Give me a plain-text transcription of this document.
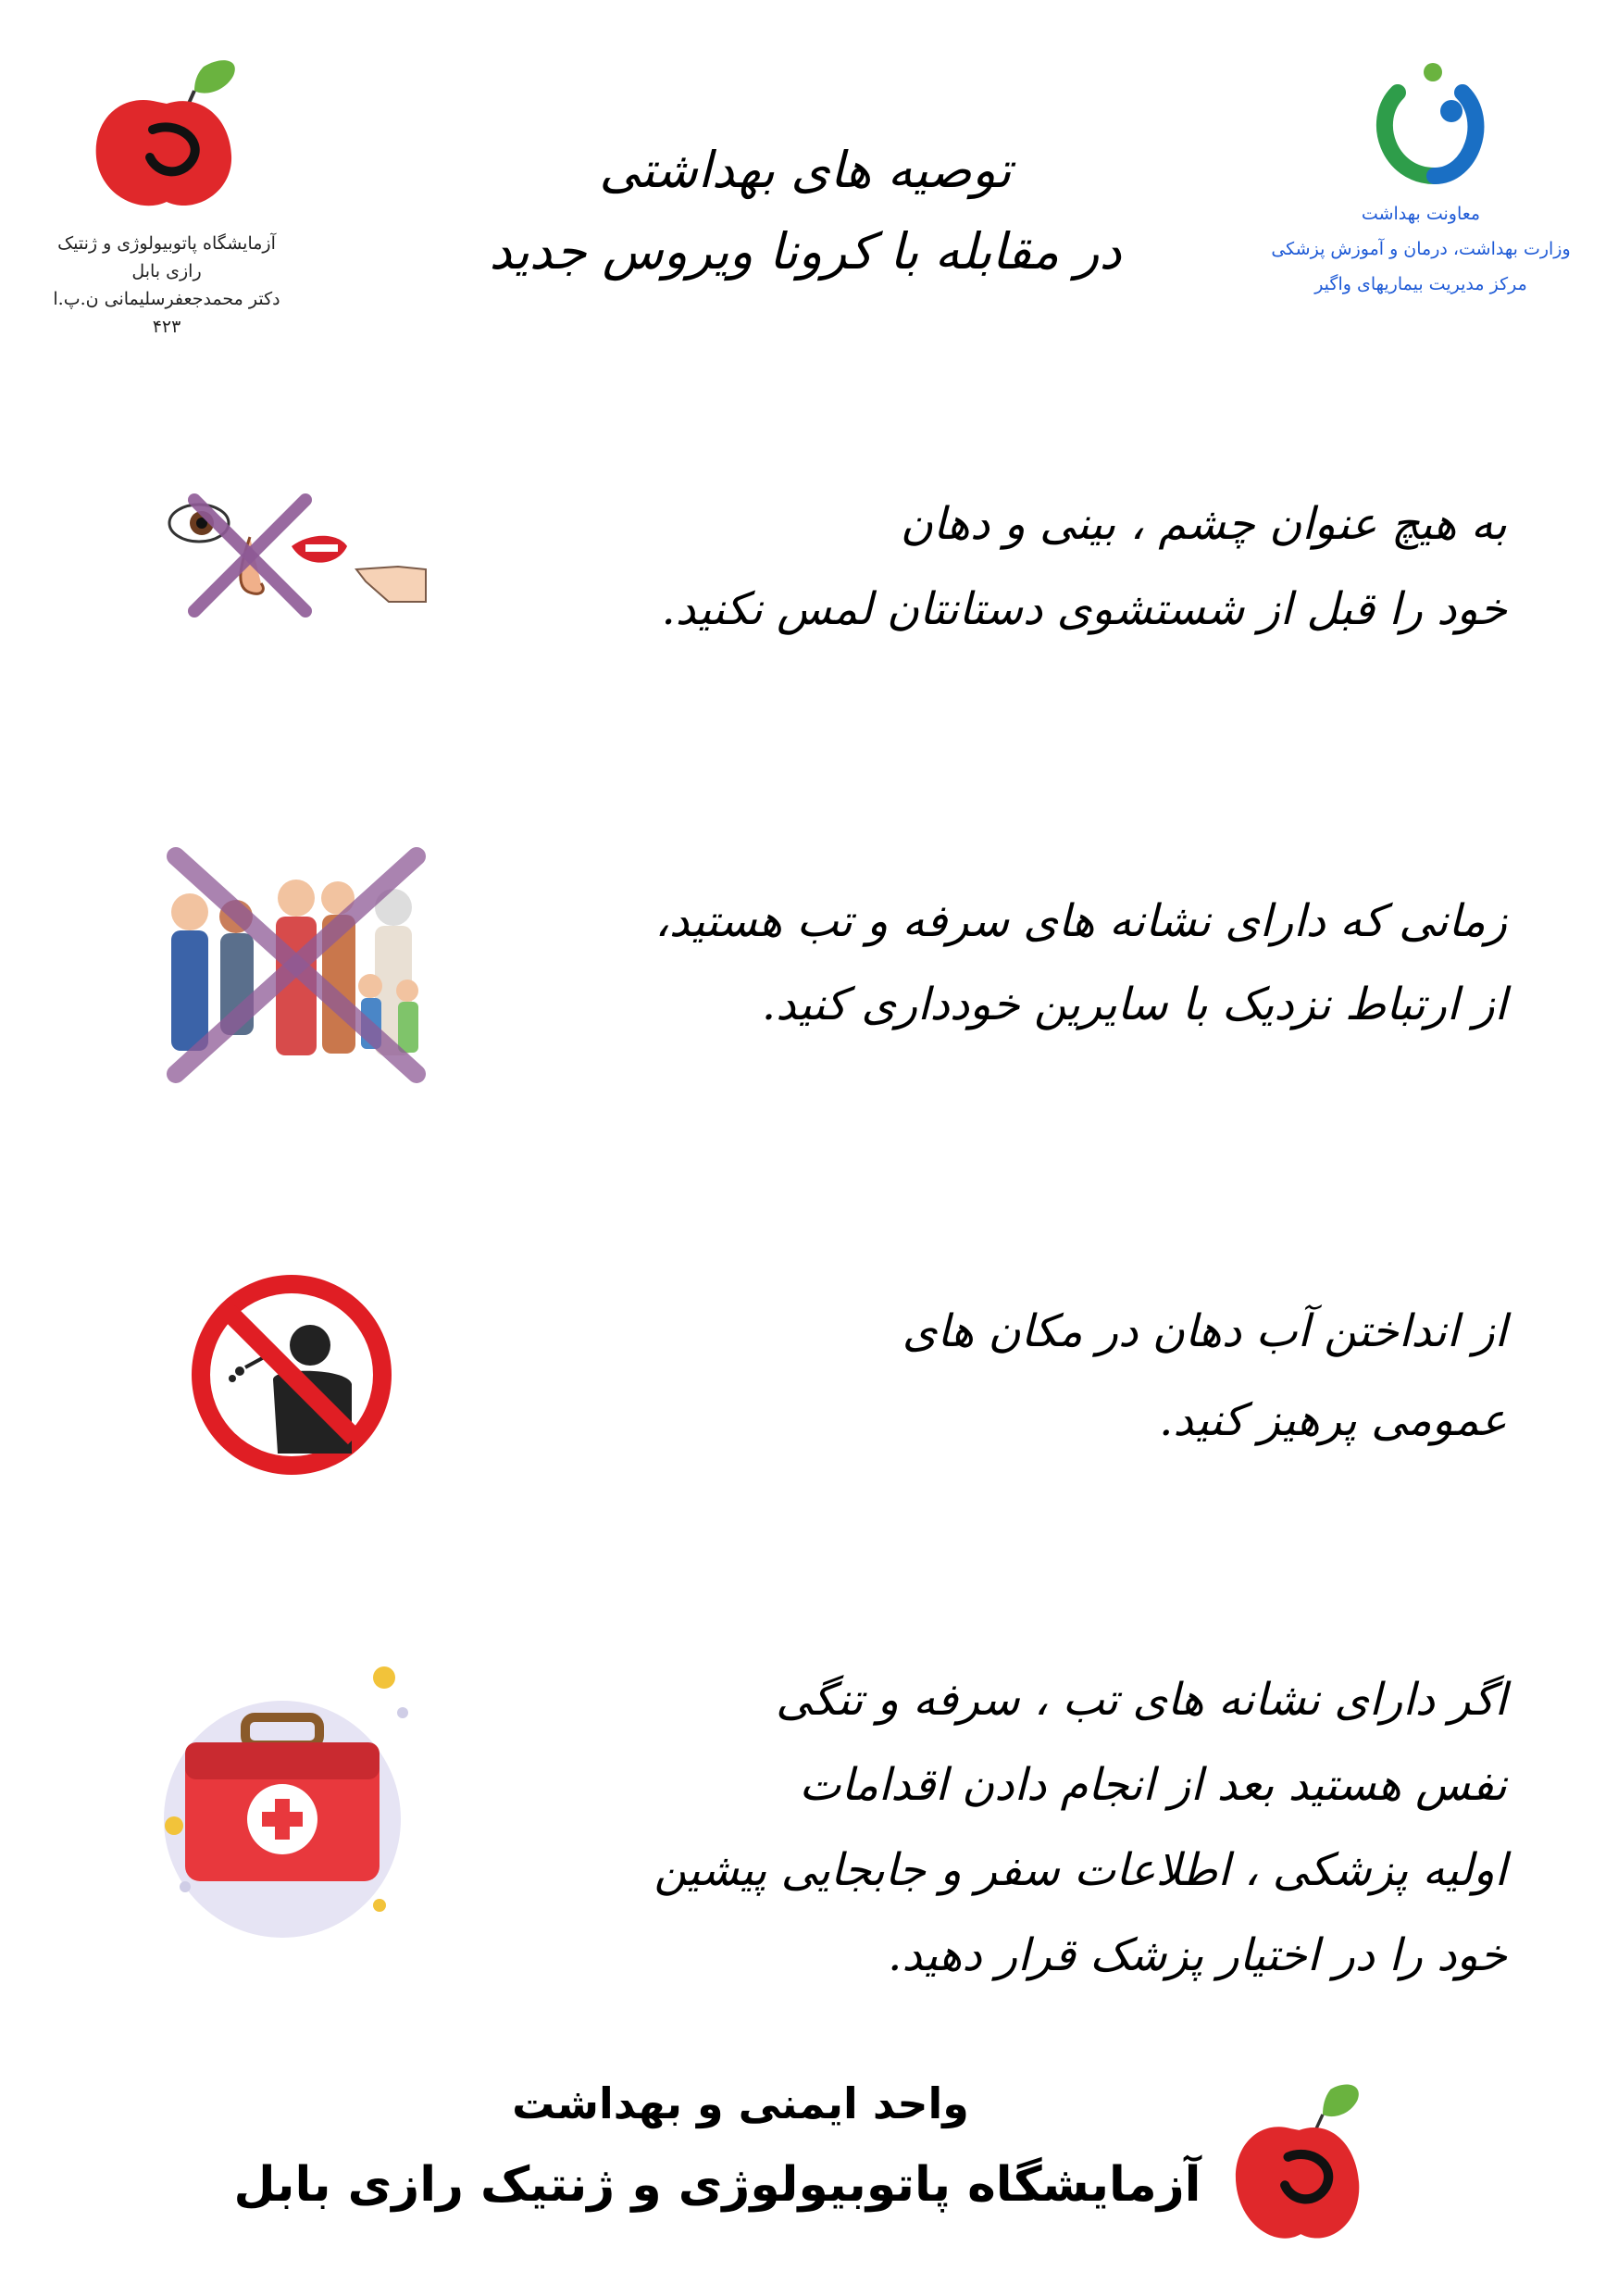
آزمایشگاه پاتوبیولوژی و ژنتیک رازی بابل
دکتر محمدجعفرسلیمانی ن.پ.ا ۴۲۳
توصیه های بهداشتی
در مقابله با کرونا ویروس جدید
معاونت بهداشت
وزارت بهداشت، درمان و آموزش پزشکی
مرکز مدیریت بیماریهای واگیر
به هیچ عنوان چشم ، بینی و دهان
خود را قبل از شستشوی دستانتان لمس نکنید.
زمانی که دارای نشانه های سرفه و تب هستید،
از ارتباط نزدیک با سایرین خودداری کنید.
از انداختن آب دهان در مکان های
عمومی پرهیز کنید.
اگر دارای نشانه های تب ، سرفه و تنگی
نفس هستید بعد از انجام دادن اقدامات
اولیه پزشکی ، اطلاعات سفر و جابجایی پیشین
خود را در اختیار پزشک قرار دهید.
واحد ایمنی و بهداشت
آزمایشگاه پاتوبیولوژی و ژنتیک رازی بابل
